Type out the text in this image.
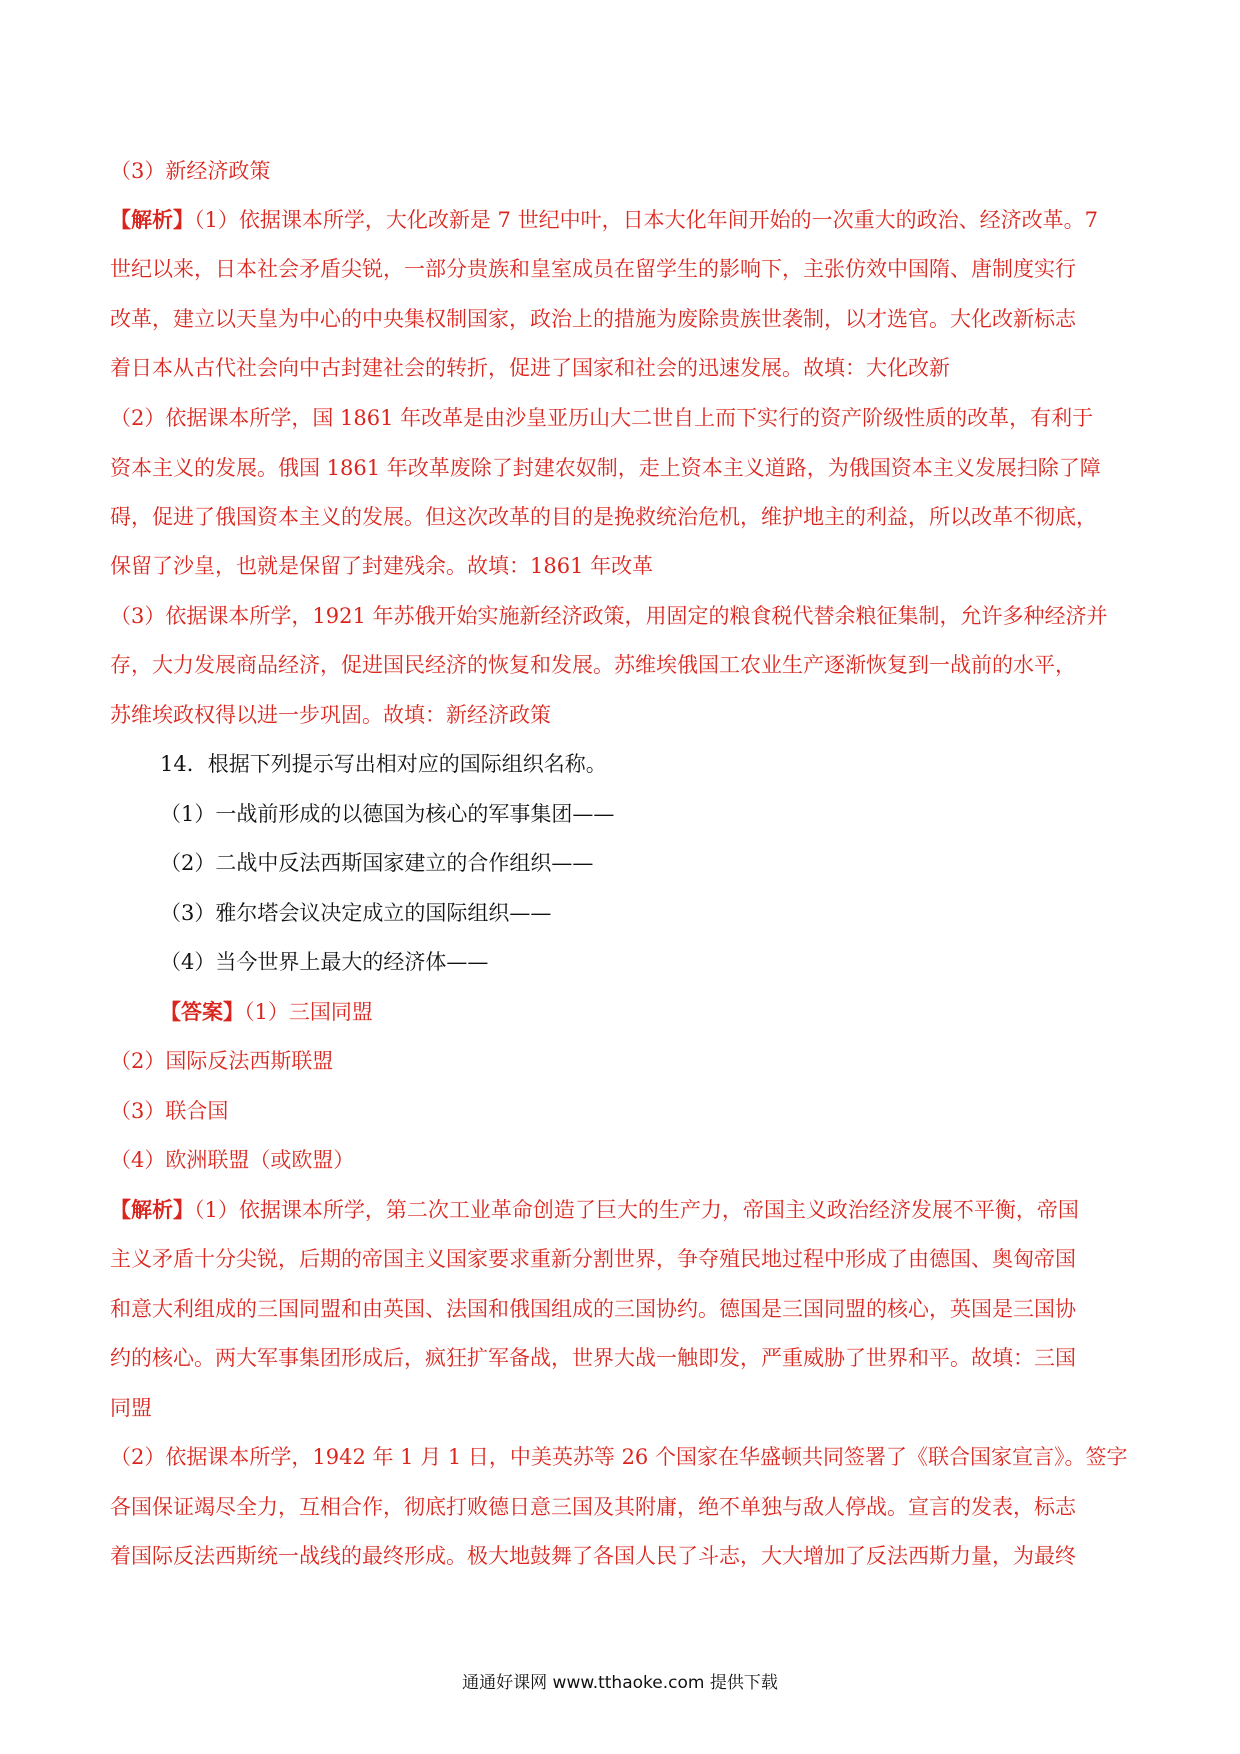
（3）新经济政策
【解析】（1）依据课本所学，大化改新是 7 世纪中叶，日本大化年间开始的一次重大的政治、经济改革。7
世纪以来，日本社会矛盾尖锐，一部分贵族和皇室成员在留学生的影响下，主张仿效中国隋、唐制度实行
改革，建立以天皇为中心的中央集权制国家，政治上的措施为废除贵族世袭制，以才选官。大化改新标志
着日本从古代社会向中古封建社会的转折，促进了国家和社会的迅速发展。故填：大化改新
（2）依据课本所学，国 1861 年改革是由沙皇亚历山大二世自上而下实行的资产阶级性质的改革，有利于
资本主义的发展。俄国 1861 年改革废除了封建农奴制，走上资本主义道路，为俄国资本主义发展扫除了障
碍，促进了俄国资本主义的发展。但这次改革的目的是挽救统治危机，维护地主的利益，所以改革不彻底，
保留了沙皇，也就是保留了封建残余。故填：1861 年改革
（3）依据课本所学，1921 年苏俄开始实施新经济政策，用固定的粮食税代替余粮征集制，允许多种经济并
存，大力发展商品经济，促进国民经济的恢复和发展。苏维埃俄国工农业生产逐渐恢复到一战前的水平，
苏维埃政权得以进一步巩固。故填：新经济政策
14．根据下列提示写出相对应的国际组织名称。
（1）一战前形成的以德国为核心的军事集团——
（2）二战中反法西斯国家建立的合作组织——
（3）雅尔塔会议决定成立的国际组织——
（4）当今世界上最大的经济体——
【答案】（1）三国同盟
（2）国际反法西斯联盟
（3）联合国
（4）欧洲联盟（或欧盟）
【解析】（1）依据课本所学，第二次工业革命创造了巨大的生产力，帝国主义政治经济发展不平衡，帝国
主义矛盾十分尖锐，后期的帝国主义国家要求重新分割世界，争夺殖民地过程中形成了由德国、奥匈帝国
和意大利组成的三国同盟和由英国、法国和俄国组成的三国协约。德国是三国同盟的核心，英国是三国协
约的核心。两大军事集团形成后，疯狂扩军备战，世界大战一触即发，严重威胁了世界和平。故填：三国
同盟
（2）依据课本所学，1942 年 1 月 1 日，中美英苏等 26 个国家在华盛顿共同签署了《联合国家宣言》。签字
各国保证竭尽全力，互相合作，彻底打败德日意三国及其附庸，绝不单独与敌人停战。宣言的发表，标志
着国际反法西斯统一战线的最终形成。极大地鼓舞了各国人民了斗志，大大增加了反法西斯力量，为最终
通通好课网 www.tthaoke.com 提供下载
